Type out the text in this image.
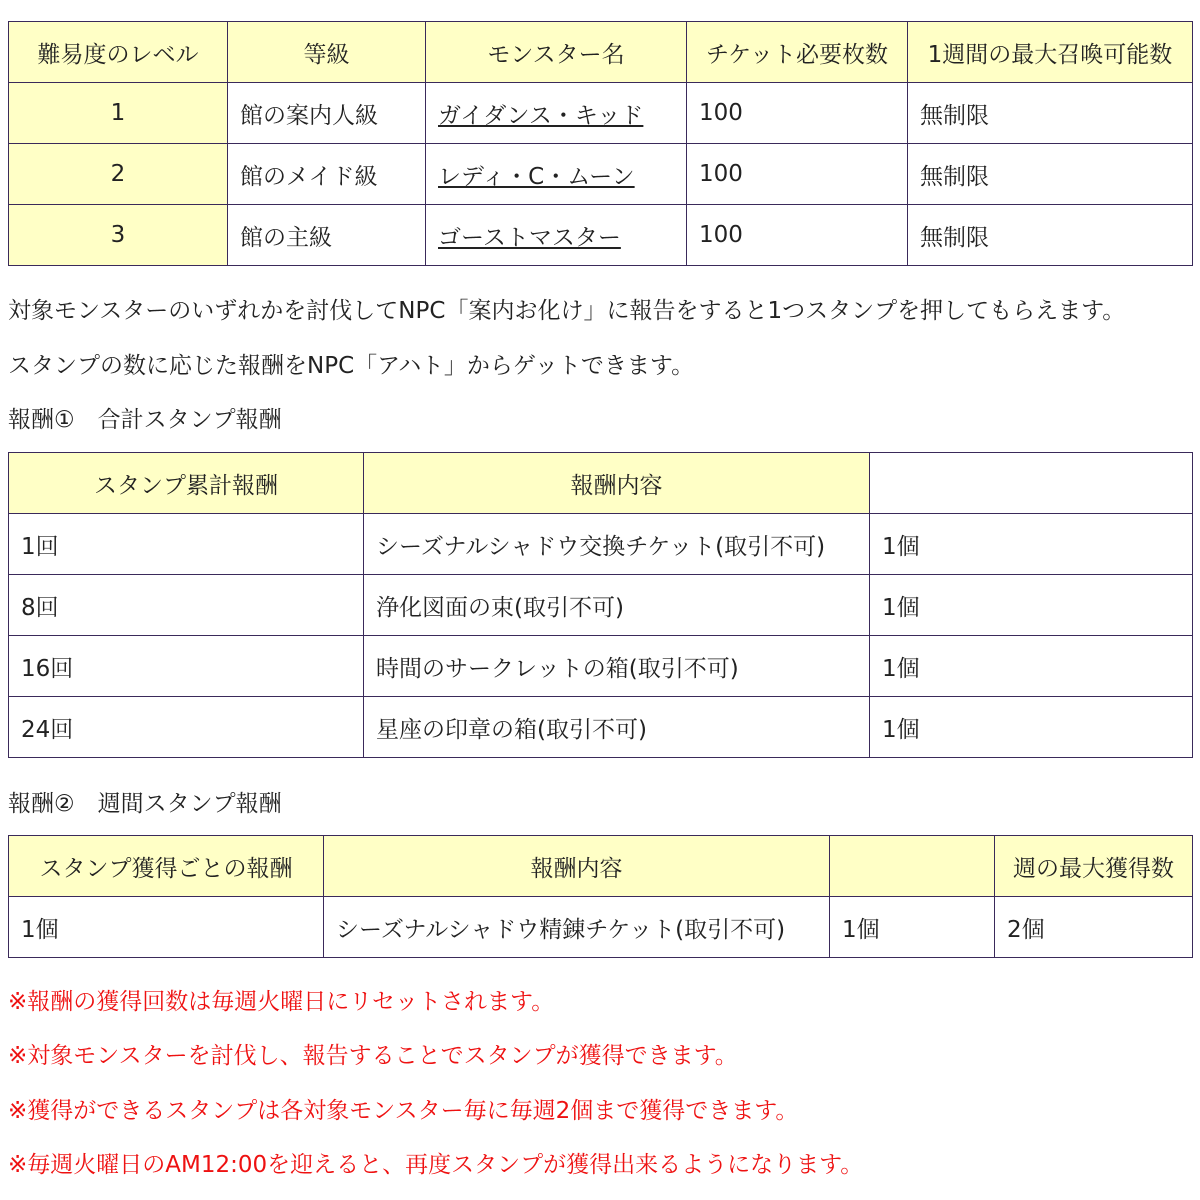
難易度のレベル	等級	モンスター名	チケット必要枚数	1週間の最大召喚可能数
1	館の案内人級	ガイダンス・キッド	100	無制限
2	館のメイド級	レディ・C・ムーン	100	無制限
3	館の主級	ゴーストマスター	100	無制限
対象モンスターのいずれかを討伐してNPC「案内お化け」に報告をすると1つスタンプを押してもらえます。
スタンプの数に応じた報酬をNPC「アハト」からゲットできます。
報酬①　合計スタンプ報酬
スタンプ累計報酬	報酬内容	
1回	シーズナルシャドウ交換チケット(取引不可)	1個
8回	浄化図面の束(取引不可)	1個
16回	時間のサークレットの箱(取引不可)	1個
24回	星座の印章の箱(取引不可)	1個
報酬②　週間スタンプ報酬
スタンプ獲得ごとの報酬	報酬内容		週の最大獲得数
1個	シーズナルシャドウ精錬チケット(取引不可)	1個	2個
※報酬の獲得回数は毎週火曜日にリセットされます。
※対象モンスターを討伐し、報告することでスタンプが獲得できます。
※獲得ができるスタンプは各対象モンスター毎に毎週2個まで獲得できます。
※毎週火曜日のAM12:00を迎えると、再度スタンプが獲得出来るようになります。
